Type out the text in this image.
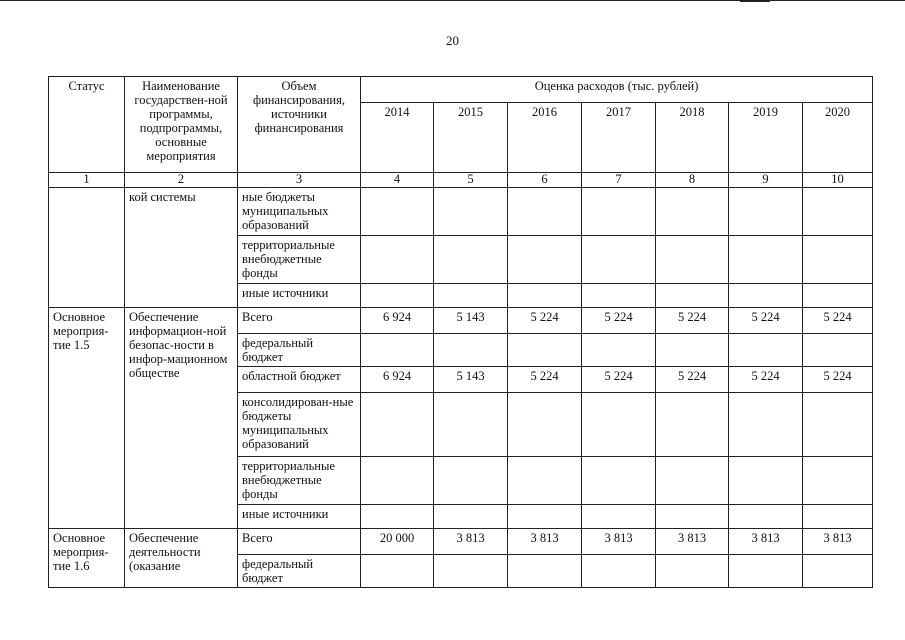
20
Статус	Наименование государствен-ной программы, подпрограммы, основные мероприятия	Объем финансирования, источники финансирования	Оценка расходов (тыс. рублей)						
			2014	2015	2016	2017	2018	2019	2020
1	2	3	4	5	6	7	8	9	10
	кой системы	ные бюджеты муниципальных образований							
		территориальные внебюджетные фонды							
		иные источники							
Основное мероприя-тие 1.5	Обеспечение информацион-ной безопас-ности в инфор-мационном обществе	Всего	6 924	5 143	5 224	5 224	5 224	5 224	5 224
		федеральный бюджет							
		областной бюджет	6 924	5 143	5 224	5 224	5 224	5 224	5 224
		консолидирован-ные бюджеты муниципальных образований							
		территориальные внебюджетные фонды							
		иные источники							
Основное мероприя-тие 1.6	Обеспечение деятельности (оказание	Всего	20 000	3 813	3 813	3 813	3 813	3 813	3 813
		федеральный бюджет							
